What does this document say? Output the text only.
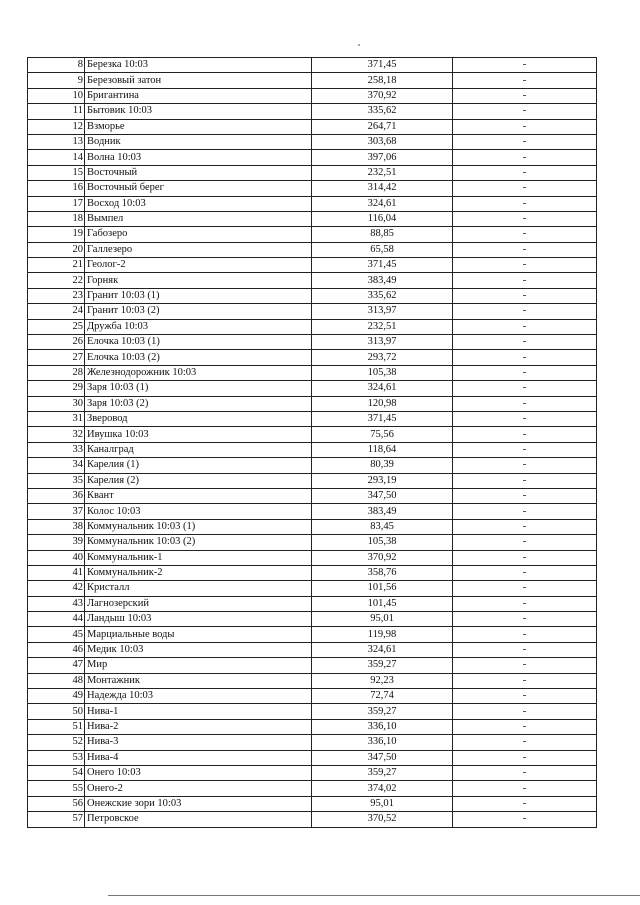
8	Березка 10:03	371,45	-
9	Березовый затон	258,18	-
10	Бригантина	370,92	-
11	Бытовик 10:03	335,62	-
12	Взморье	264,71	-
13	Водник	303,68	-
14	Волна 10:03	397,06	-
15	Восточный	232,51	-
16	Восточный берег	314,42	-
17	Восход 10:03	324,61	-
18	Вымпел	116,04	-
19	Габозеро	88,85	-
20	Галлезеро	65,58	-
21	Геолог-2	371,45	-
22	Горняк	383,49	-
23	Гранит 10:03 (1)	335,62	-
24	Гранит 10:03 (2)	313,97	-
25	Дружба 10:03	232,51	-
26	Елочка 10:03 (1)	313,97	-
27	Елочка 10:03 (2)	293,72	-
28	Железнодорожник 10:03	105,38	-
29	Заря 10:03 (1)	324,61	-
30	Заря 10:03 (2)	120,98	-
31	Зверовод	371,45	-
32	Ивушка 10:03	75,56	-
33	Каналград	118,64	-
34	Карелия (1)	80,39	-
35	Карелия (2)	293,19	-
36	Квант	347,50	-
37	Колос 10:03	383,49	-
38	Коммунальник 10:03 (1)	83,45	-
39	Коммунальник 10:03 (2)	105,38	-
40	Коммунальник-1	370,92	-
41	Коммунальник-2	358,76	-
42	Кристалл	101,56	-
43	Лагнозерский	101,45	-
44	Ландыш 10:03	95,01	-
45	Марциальные воды	119,98	-
46	Медик 10:03	324,61	-
47	Мир	359,27	-
48	Монтажник	92,23	-
49	Надежда 10:03	72,74	-
50	Нива-1	359,27	-
51	Нива-2	336,10	-
52	Нива-3	336,10	-
53	Нива-4	347,50	-
54	Онего 10:03	359,27	-
55	Онего-2	374,02	-
56	Онежские зори 10:03	95,01	-
57	Петровское	370,52	-
